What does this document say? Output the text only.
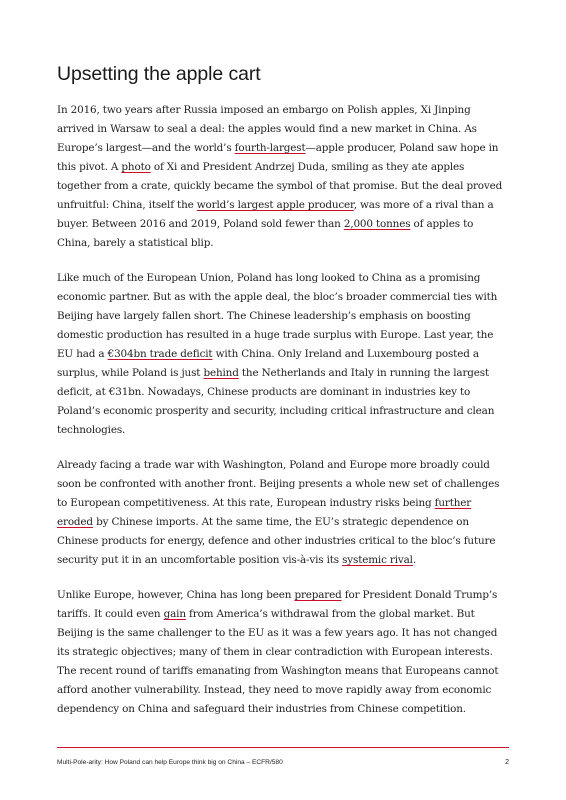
Upsetting the apple cart

In 2016, two years after Russia imposed an embargo on Polish apples, Xi Jinping arrived in Warsaw to seal a deal: the apples would find a new market in China. As Europe’s largest—and the world’s fourth-largest—apple producer, Poland saw hope in this pivot. A photo of Xi and President Andrzej Duda, smiling as they ate apples together from a crate, quickly became the symbol of that promise. But the deal proved unfruitful: China, itself the world’s largest apple producer, was more of a rival than a buyer. Between 2016 and 2019, Poland sold fewer than 2,000 tonnes of apples to China, barely a statistical blip.

Like much of the European Union, Poland has long looked to China as a promising economic partner. But as with the apple deal, the bloc’s broader commercial ties with Beijing have largely fallen short. The Chinese leadership’s emphasis on boosting domestic production has resulted in a huge trade surplus with Europe. Last year, the EU had a €304bn trade deficit with China. Only Ireland and Luxembourg posted a surplus, while Poland is just behind the Netherlands and Italy in running the largest deficit, at €31bn. Nowadays, Chinese products are dominant in industries key to Poland’s economic prosperity and security, including critical infrastructure and clean technologies.

Already facing a trade war with Washington, Poland and Europe more broadly could soon be confronted with another front. Beijing presents a whole new set of challenges to European competitiveness. At this rate, European industry risks being further eroded by Chinese imports. At the same time, the EU’s strategic dependence on Chinese products for energy, defence and other industries critical to the bloc’s future security put it in an uncomfortable position vis-à-vis its systemic rival.

Unlike Europe, however, China has long been prepared for President Donald Trump’s tariffs. It could even gain from America’s withdrawal from the global market. But Beijing is the same challenger to the EU as it was a few years ago. It has not changed its strategic objectives; many of them in clear contradiction with European interests. The recent round of tariffs emanating from Washington means that Europeans cannot afford another vulnerability. Instead, they need to move rapidly away from economic dependency on China and safeguard their industries from Chinese competition.

Multi-Pole-arity: How Poland can help Europe think big on China – ECFR/580	2
